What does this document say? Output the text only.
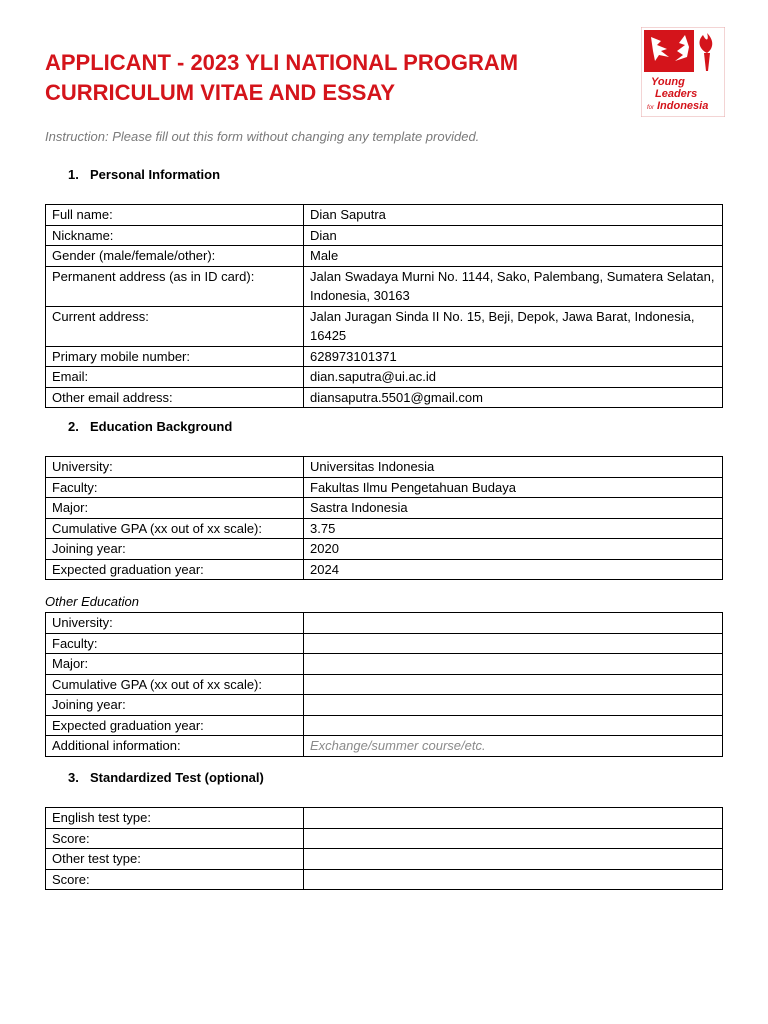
APPLICANT - 2023 YLI NATIONAL PROGRAM
CURRICULUM VITAE AND ESSAY	Young
Leaders
for Indonesia
Instruction: Please fill out this form without changing any template provided.
1. Personal Information
Full name:	Dian Saputra
Nickname:	Dian
Gender (male/female/other):	Male
Permanent address (as in ID card):	Jalan Swadaya Murni No. 1144, Sako, Palembang, Sumatera Selatan, Indonesia, 30163
Current address:	Jalan Juragan Sinda II No. 15, Beji, Depok, Jawa Barat, Indonesia, 16425
Primary mobile number:	628973101371
Email:	dian.saputra@ui.ac.id
Other email address:	diansaputra.5501@gmail.com
2. Education Background
University:	Universitas Indonesia
Faculty:	Fakultas Ilmu Pengetahuan Budaya
Major:	Sastra Indonesia
Cumulative GPA (xx out of xx scale):	3.75
Joining year:	2020
Expected graduation year:	2024
Other Education
University:	
Faculty:	
Major:	
Cumulative GPA (xx out of xx scale):	
Joining year:	
Expected graduation year:	
Additional information:	Exchange/summer course/etc.
3. Standardized Test (optional)
English test type:	
Score:	
Other test type:	
Score:	
